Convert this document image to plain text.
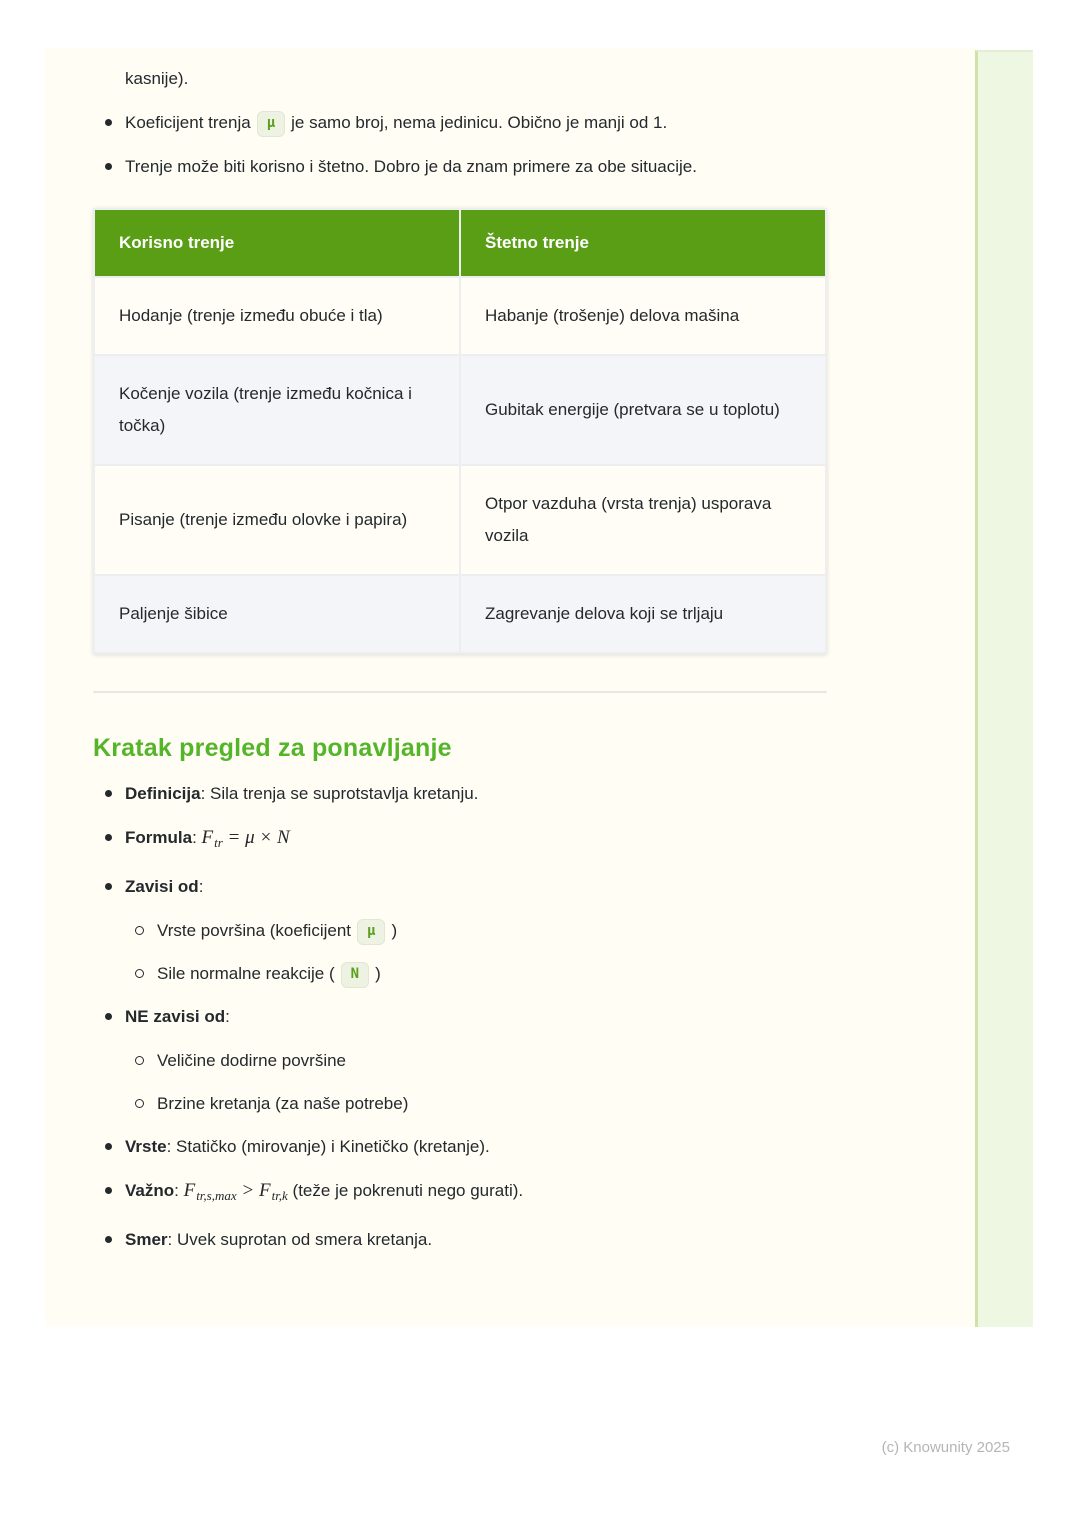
kasnije).

Koeficijent trenja μ je samo broj, nema jedinicu. Obično je manji od 1.
Trenje može biti korisno i štetno. Dobro je da znam primere za obe situacije.
Korisno trenje	Štetno trenje
Hodanje (trenje između obuće i tla)	Habanje (trošenje) delova mašina
Kočenje vozila (trenje između kočnica i točka)	Gubitak energije (pretvara se u toplotu)
Pisanje (trenje između olovke i papira)	Otpor vazduha (vrsta trenja) usporava vozila
Paljenje šibice	Zagrevanje delova koji se trljaju
Kratak pregled za ponavljanje
Definicija: Sila trenja se suprotstavlja kretanju.
Formula: $F_{tr} = \mu \times N$
Zavisi od:
Vrste površina (koeficijent μ )
Sile normalne reakcije ( N )
NE zavisi od:
Veličine dodirne površine
Brzine kretanja (za naše potrebe)
Vrste: Statičko (mirovanje) i Kinetičko (kretanje).
Važno: $F_{tr,s,max} > F_{tr,k}$ (teže je pokrenuti nego gurati).
Smer: Uvek suprotan od smera kretanja.
(c) Knowunity 2025
